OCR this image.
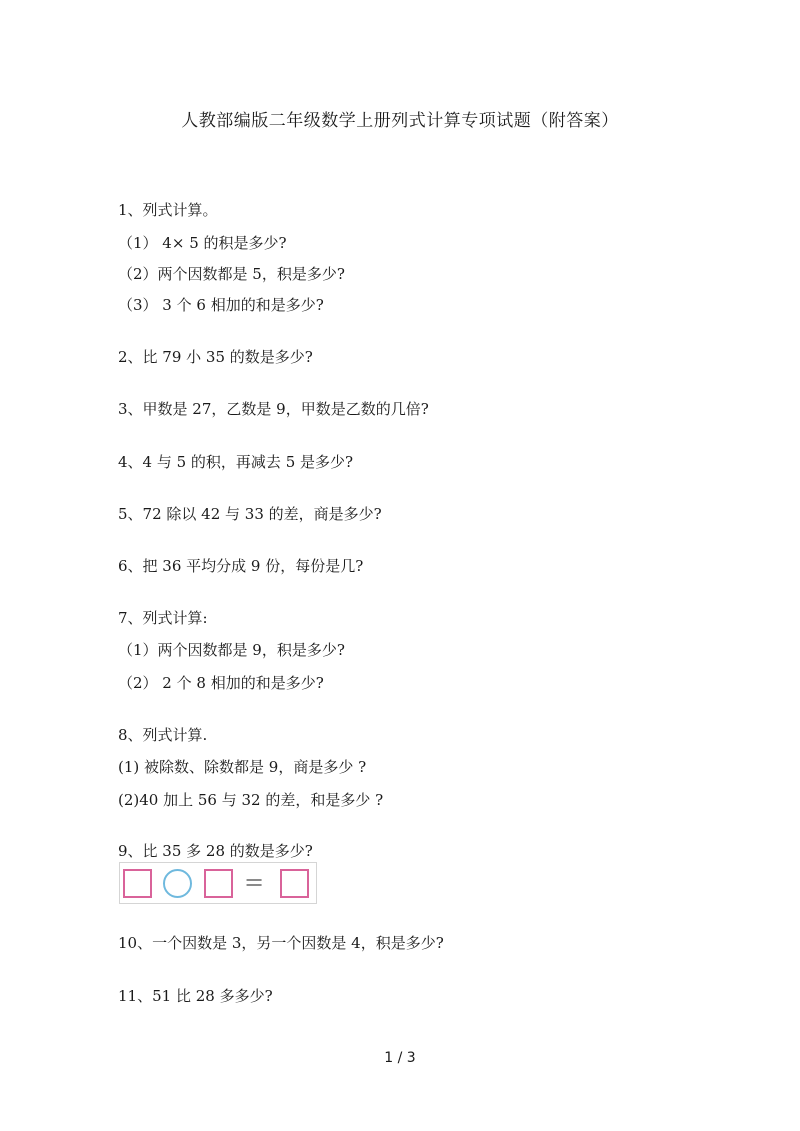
人教部编版二年级数学上册列式计算专项试题（附答案）
1、列式计算。
（1） 4× 5 的积是多少?
（2）两个因数都是 5，积是多少?
（3） 3 个 6 相加的和是多少?
2、比 79 小 35 的数是多少?
3、甲数是 27，乙数是 9，甲数是乙数的几倍?
4、4 与 5 的积，再减去 5 是多少?
5、72 除以 42 与 33 的差，商是多少?
6、把 36 平均分成 9 份，每份是几?
7、列式计算:
（1）两个因数都是 9，积是多少?
（2） 2 个 8 相加的和是多少?
8、列式计算.
(1) 被除数、除数都是 9，商是多少 ?
(2)40 加上 56 与 32 的差，和是多少 ?
9、比 35 多 28 的数是多少?
=
10、一个因数是 3，另一个因数是 4，积是多少?
11、51 比 28 多多少?
1 / 3
